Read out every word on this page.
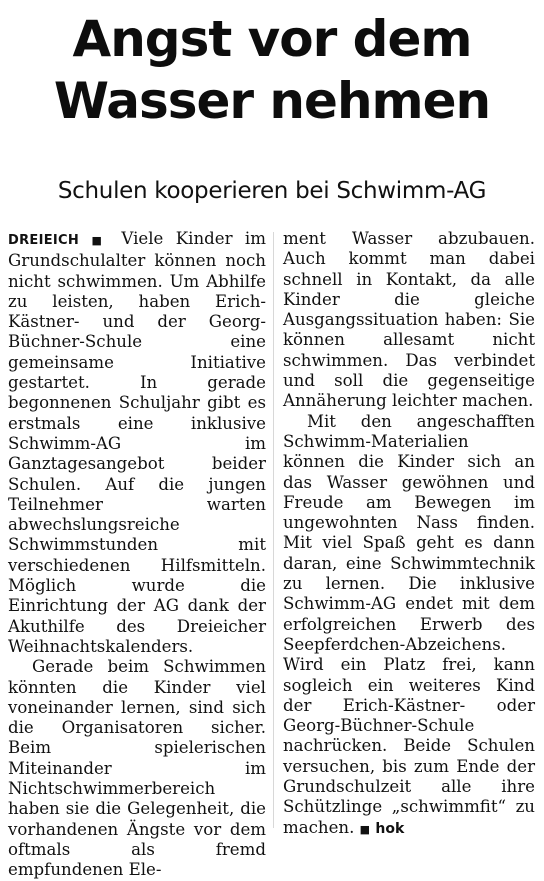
Angst vor dem
Wasser nehmen
Schulen kooperieren bei Schwimm-AG

DREIEICH ■ Viele Kinder im Grundschulalter können noch nicht schwimmen. Um Abhilfe zu leisten, haben Erich-Kästner- und der Georg-Büchner-Schule eine gemeinsame Initiative gestartet. In gerade begonnenen Schuljahr gibt es erstmals eine inklusive Schwimm-AG im Ganztagesangebot beider Schulen. Auf die jungen Teilnehmer warten abwechslungsreiche Schwimmstunden mit verschiedenen Hilfsmitteln. Möglich wurde die Einrichtung der AG dank der Akuthilfe des Dreieicher Weihnachtskalenders.

Gerade beim Schwimmen könnten die Kinder viel voneinander lernen, sind sich die Organisatoren sicher. Beim spielerischen Miteinander im Nichtschwimmerbereich haben sie die Gelegenheit, die vorhandenen Ängste vor dem oftmals als fremd empfundenen Ele-

ment Wasser abzubauen. Auch kommt man dabei schnell in Kontakt, da alle Kinder die gleiche Ausgangssituation haben: Sie können allesamt nicht schwimmen. Das verbindet und soll die gegenseitige Annäherung leichter machen.

Mit den angeschafften Schwimm-Materialien können die Kinder sich an das Wasser gewöhnen und Freude am Bewegen im ungewohnten Nass finden. Mit viel Spaß geht es dann daran, eine Schwimmtechnik zu lernen. Die inklusive Schwimm-AG endet mit dem erfolgreichen Erwerb des Seepferdchen-Abzeichens. Wird ein Platz frei, kann sogleich ein weiteres Kind der Erich-Kästner- oder Georg-Büchner-Schule nachrücken. Beide Schulen versuchen, bis zum Ende der Grundschulzeit alle ihre Schützlinge „schwimmfit“ zu machen. ■ hok
